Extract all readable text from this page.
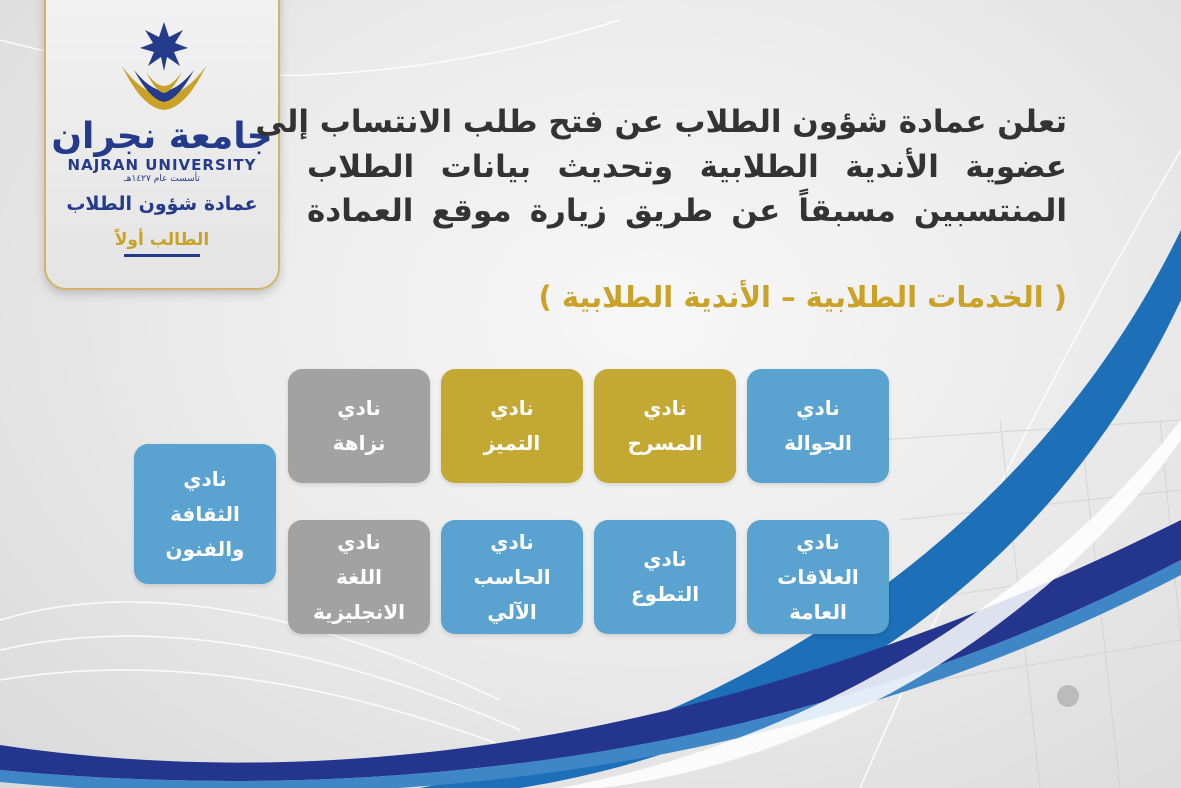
جامعة نجران
NAJRAN UNIVERSITY
تأسست عام ١٤٢٧هـ
عمادة شؤون الطلاب
الطالب أولاً
تعلن عمادة شؤون الطلاب عن فتح طلب الانتساب إلى
عضوية الأندية الطلابية وتحديث بيانات الطلاب
المنتسبين مسبقاً عن طريق زيارة موقع العمادة
( الخدمات الطلابية – الأندية الطلابية )
نادي
الجوالة
نادي
المسرح
نادي
التميز
نادي
نزاهة
نادي
العلاقات
العامة
نادي
التطوع
نادي
الحاسب
الآلي
نادي
اللغة
الانجليزية
نادي
الثقافة
والفنون
